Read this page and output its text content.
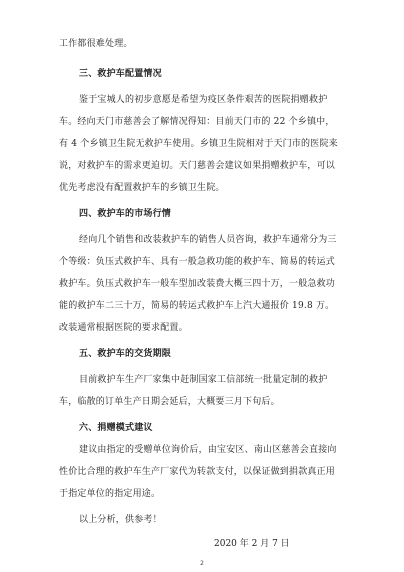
工作都很难处理。
三、救护车配置情况
鉴于宝城人的初步意愿是希望为疫区条件艰苦的医院捐赠救护
车。经向天门市慈善会了解情况得知：目前天门市的 22 个乡镇中，
有 4 个乡镇卫生院无救护车使用。乡镇卫生院相对于天门市的医院来
说，对救护车的需求更迫切。天门慈善会建议如果捐赠救护车，可以
优先考虑没有配置救护车的乡镇卫生院。
四、救护车的市场行情
经向几个销售和改装救护车的销售人员咨询，救护车通常分为三
个等级：负压式救护车、具有一般急救功能的救护车、简易的转运式
救护车。负压式救护车一般车型加改装费大概三四十万，一般急救功
能的救护车二三十万，简易的转运式救护车上汽大通报价 19.8 万。
改装通常根据医院的要求配置。
五、救护车的交货期限
目前救护车生产厂家集中赶制国家工信部统一批量定制的救护
车，临散的订单生产日期会延后，大概要三月下旬后。
六、捐赠模式建议
建议由指定的受赠单位询价后，由宝安区、南山区慈善会直接向
性价比合理的救护车生产厂家代为转款支付，以保证做到捐款真正用
于指定单位的指定用途。
以上分析，供参考！
2020 年 2 月 7 日
2
